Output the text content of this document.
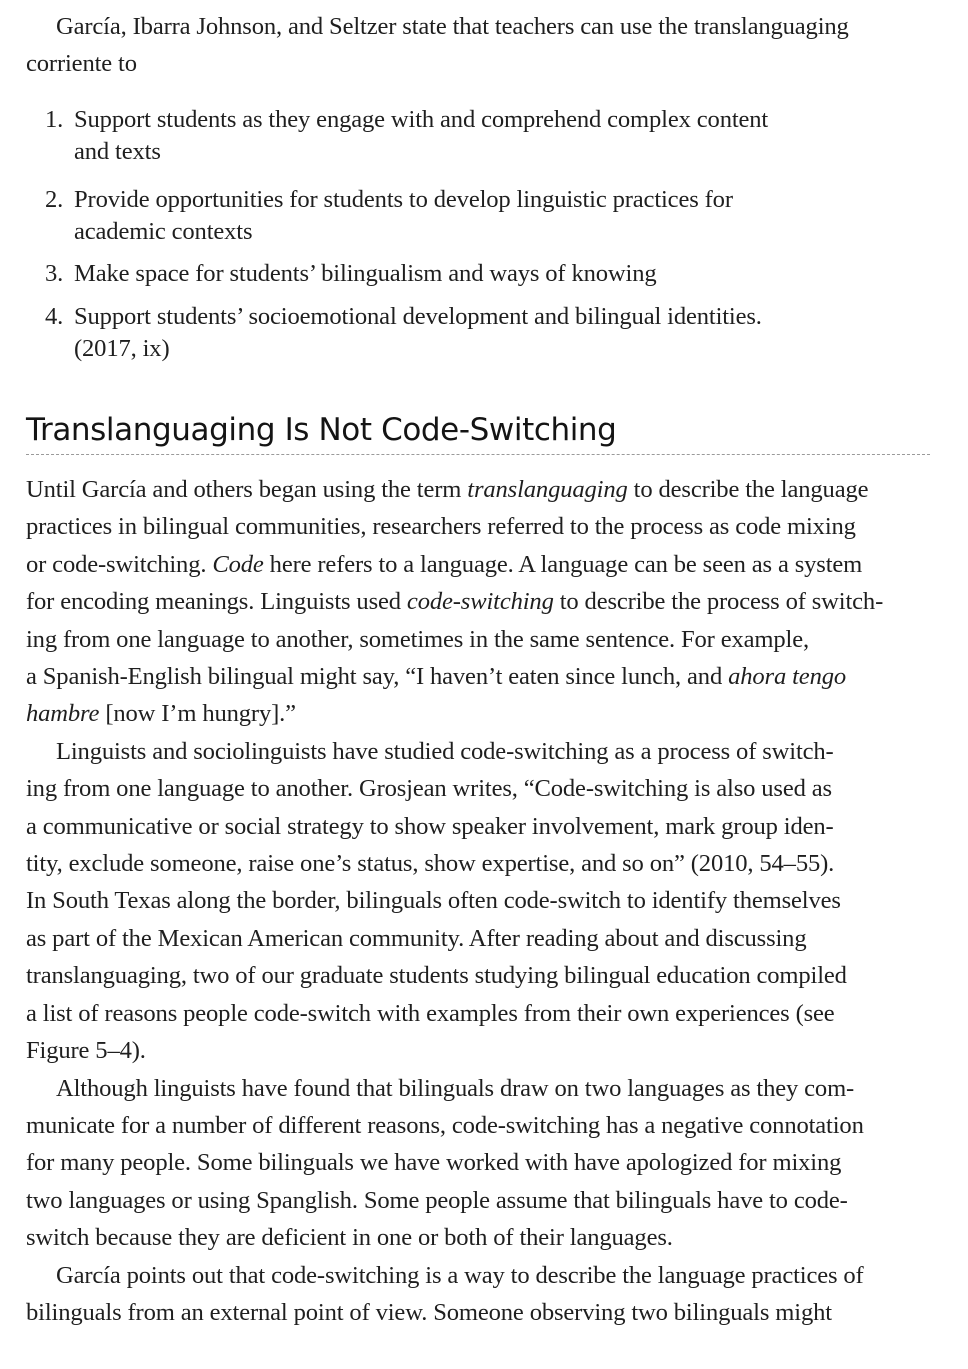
García, Ibarra Johnson, and Seltzer state that teachers can use the translanguaging
corriente to

1. Support students as they engage with and comprehend complex content
and texts
2. Provide opportunities for students to develop linguistic practices for
academic contexts
3. Make space for students’ bilingualism and ways of knowing
4. Support students’ socioemotional development and bilingual identities.
(2017, ix)
Translanguaging Is Not Code-Switching

Until García and others began using the term translanguaging to describe the language
practices in bilingual communities, researchers referred to the process as code mixing
or code-switching. Code here refers to a language. A language can be seen as a system
for encoding meanings. Linguists used code-switching to describe the process of switch-
ing from one language to another, sometimes in the same sentence. For example,
a Spanish-English bilingual might say, “I haven’t eaten since lunch, and ahora tengo
hambre [now I’m hungry].”

Linguists and sociolinguists have studied code-switching as a process of switch-
ing from one language to another. Grosjean writes, “Code-switching is also used as
a communicative or social strategy to show speaker involvement, mark group iden-
tity, exclude someone, raise one’s status, show expertise, and so on” (2010, 54–55).
In South Texas along the border, bilinguals often code-switch to identify themselves
as part of the Mexican American community. After reading about and discussing
translanguaging, two of our graduate students studying bilingual education compiled
a list of reasons people code-switch with examples from their own experiences (see
Figure 5–4).

Although linguists have found that bilinguals draw on two languages as they com-
municate for a number of different reasons, code-switching has a negative connotation
for many people. Some bilinguals we have worked with have apologized for mixing
two languages or using Spanglish. Some people assume that bilinguals have to code-
switch because they are deficient in one or both of their languages.

García points out that code-switching is a way to describe the language practices of
bilinguals from an external point of view. Someone observing two bilinguals might
